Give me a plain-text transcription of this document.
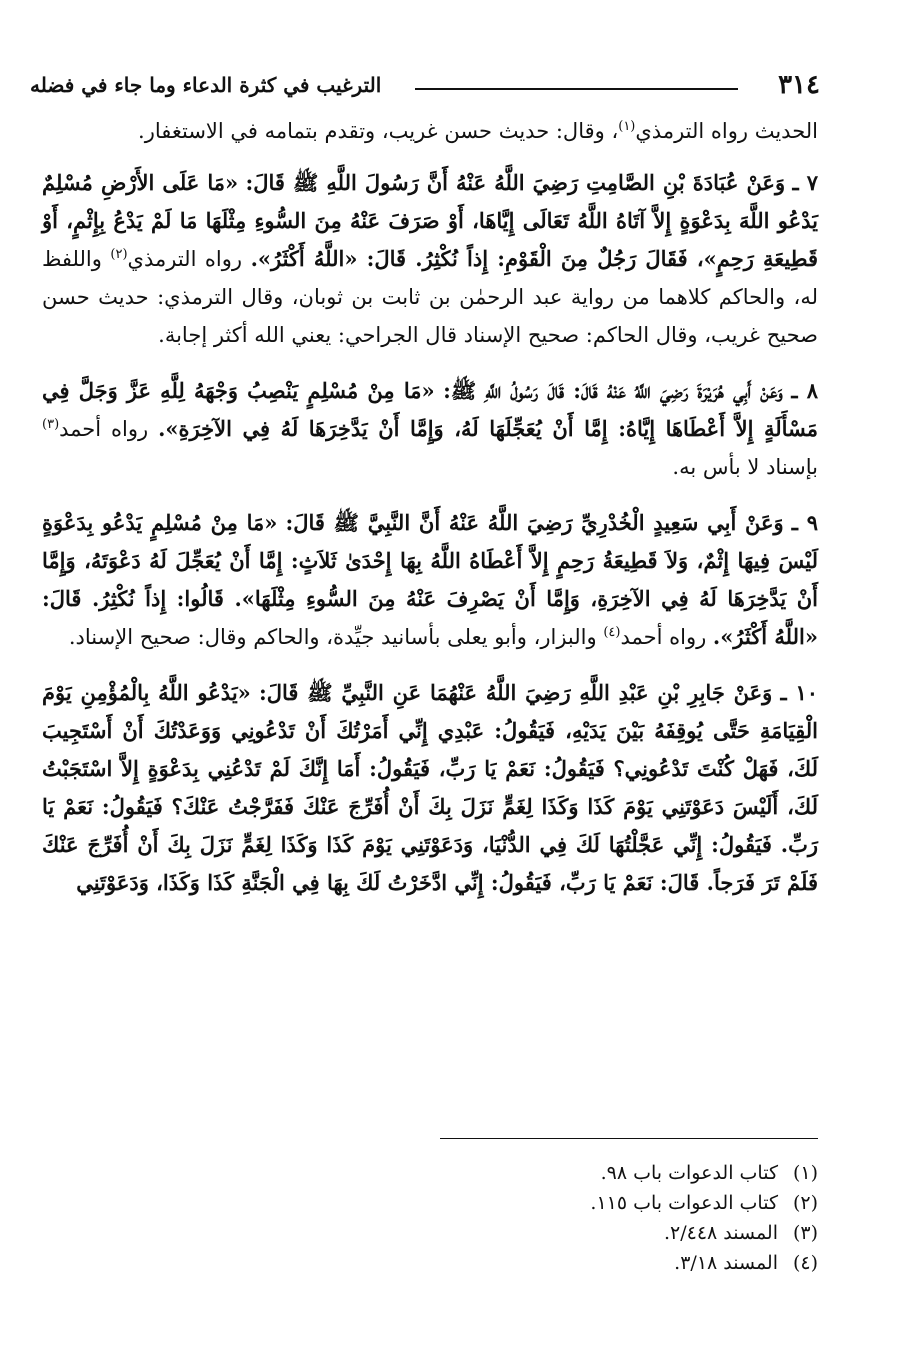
٣١٤
الترغيب في كثرة الدعاء وما جاء في فضله

الحديث رواه الترمذي$^{(١)}$، وقال: حديث حسن غريب، وتقدم بتمامه في الاستغفار.

٧ ـ وَعَنْ عُبَادَةَ بْنِ الصَّامِتِ رَضِيَ اللَّهُ عَنْهُ أَنَّ رَسُولَ اللَّهِ ﷺ قَالَ: «مَا عَلَى الأَرْضِ مُسْلِمٌ يَدْعُو اللَّهَ بِدَعْوَةٍ إِلاَّ آتَاهُ اللَّهُ تَعَالَى إِيَّاهَا، أَوْ صَرَفَ عَنْهُ مِنَ السُّوءِ مِثْلَهَا مَا لَمْ يَدْعُ بِإِثْمٍ، أَوْ قَطِيعَةِ رَحِمٍ»، فَقَالَ رَجُلٌ مِنَ الْقَوْمِ: إِذاً نُكْثِرُ. قَالَ: «اللَّهُ أَكْثَرُ». رواه الترمذي$^{(٢)}$ واللفظ له، والحاكم كلاهما من رواية عبد الرحمٰن بن ثابت بن ثوبان، وقال الترمذي: حديث حسن صحيح غريب، وقال الحاكم: صحيح الإسناد قال الجراحي: يعني الله أكثر إجابة.

٨ ـ وَعَنْ أَبِي هُرَيْرَةَ رَضِيَ اللَّهُ عَنْهُ قَالَ: قَالَ رَسُولُ اللَّهِ ﷺ: «مَا مِنْ مُسْلِمٍ يَنْصِبُ وَجْهَهُ لِلَّهِ عَزَّ وَجَلَّ فِي مَسْأَلَةٍ إِلاَّ أَعْطَاهَا إِيَّاهُ: إِمَّا أَنْ يُعَجِّلَهَا لَهُ، وَإِمَّا أَنْ يَدَّخِرَهَا لَهُ فِي الآخِرَةِ». رواه أحمد$^{(٣)}$ بإسناد لا بأس به.

٩ ـ وَعَنْ أَبِي سَعِيدٍ الْخُدْرِيِّ رَضِيَ اللَّهُ عَنْهُ أَنَّ النَّبِيَّ ﷺ قَالَ: «مَا مِنْ مُسْلِمٍ يَدْعُو بِدَعْوَةٍ لَيْسَ فِيهَا إِثْمٌ، وَلاَ قَطِيعَةُ رَحِمٍ إِلاَّ أَعْطَاهُ اللَّهُ بِهَا إِحْدَىٰ ثَلاَثٍ: إِمَّا أَنْ يُعَجِّلَ لَهُ دَعْوَتَهُ، وَإِمَّا أَنْ يَدَّخِرَهَا لَهُ فِي الآخِرَةِ، وَإِمَّا أَنْ يَصْرِفَ عَنْهُ مِنَ السُّوءِ مِثْلَهَا». قَالُوا: إِذاً نُكْثِرُ. قَالَ: «اللَّهُ أَكْثَرُ». رواه أحمد$^{(٤)}$ والبزار، وأبو يعلى بأسانيد جيِّدة، والحاكم وقال: صحيح الإسناد.

١٠ ـ وَعَنْ جَابِرِ بْنِ عَبْدِ اللَّهِ رَضِيَ اللَّهُ عَنْهُمَا عَنِ النَّبِيِّ ﷺ قَالَ: «يَدْعُو اللَّهُ بِالْمُؤْمِنِ يَوْمَ الْقِيَامَةِ حَتَّى يُوقِفَهُ بَيْنَ يَدَيْهِ، فَيَقُولُ: عَبْدِي إِنِّي أَمَرْتُكَ أَنْ تَدْعُونِي وَوَعَدْتُكَ أَنْ أَسْتَجِيبَ لَكَ، فَهَلْ كُنْتَ تَدْعُونِي؟ فَيَقُولُ: نَعَمْ يَا رَبِّ، فَيَقُولُ: أَمَا إِنَّكَ لَمْ تَدْعُنِي بِدَعْوَةٍ إِلاَّ اسْتَجَبْتُ لَكَ، أَلَيْسَ دَعَوْتَنِي يَوْمَ كَذَا وَكَذَا لِغَمٍّ نَزَلَ بِكَ أَنْ أُفَرِّجَ عَنْكَ فَفَرَّجْتُ عَنْكَ؟ فَيَقُولُ: نَعَمْ يَا رَبِّ. فَيَقُولُ: إِنِّي عَجَّلْتُهَا لَكَ فِي الدُّنْيَا، وَدَعَوْتَنِي يَوْمَ كَذَا وَكَذَا لِغَمٍّ نَزَلَ بِكَ أَنْ أُفَرِّجَ عَنْكَ فَلَمْ تَرَ فَرَجاً. قَالَ: نَعَمْ يَا رَبِّ، فَيَقُولُ: إِنِّي ادَّخَرْتُ لَكَ بِهَا فِي الْجَنَّةِ كَذَا وَكَذَا، وَدَعَوْتَنِي

(١)كتاب الدعوات باب ٩٨.
(٢)كتاب الدعوات باب ١١٥.
(٣)المسند ٢/٤٤٨.
(٤)المسند ٣/١٨.
